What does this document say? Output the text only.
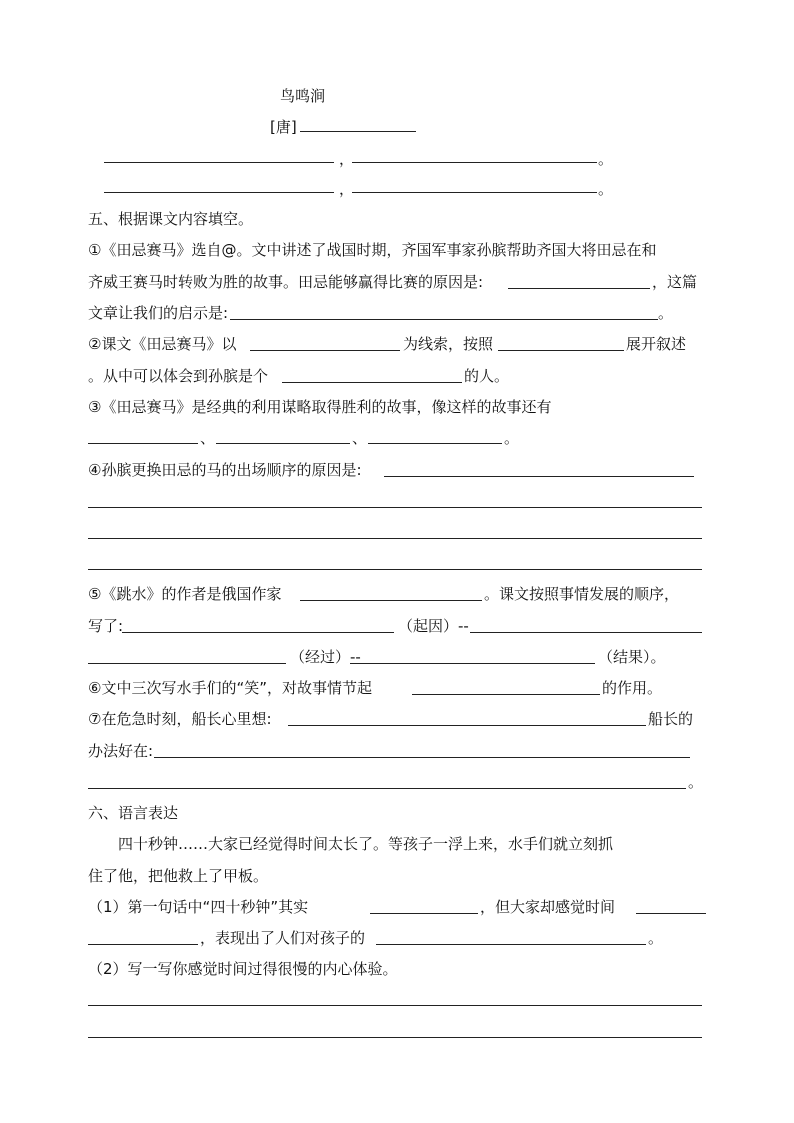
鸟鸣涧
[唐]
，	。
，	。
五、根据课文内容填空。
①《田忌赛马》选自@。文中讲述了战国时期，齐国军事家孙膑帮助齐国大将田忌在和
齐威王赛马时转败为胜的故事。田忌能够赢得比赛的原因是:	，这篇
文章让我们的启示是:	。
②课文《田忌赛马》以	为线索，按照	展开叙述
。从中可以体会到孙膑是个	的人。
③《田忌赛马》是经典的利用谋略取得胜利的故事，像这样的故事还有
、	、	。
④孙膑更换田忌的马的出场顺序的原因是:
⑤《跳水》的作者是俄国作家	。课文按照事情发展的顺序，
写了:	（起因）--
（经过）--	（结果）。
⑥文中三次写水手们的“笑”，对故事情节起	的作用。
⑦在危急时刻，船长心里想:	船长的
办法好在:
。
六、语言表达
四十秒钟……大家已经觉得时间太长了。等孩子一浮上来，水手们就立刻抓
住了他，把他救上了甲板。
（1）第一句话中“四十秒钟”其实	，但大家却感觉时间
，表现出了人们对孩子的	。
（2）写一写你感觉时间过得很慢的内心体验。
